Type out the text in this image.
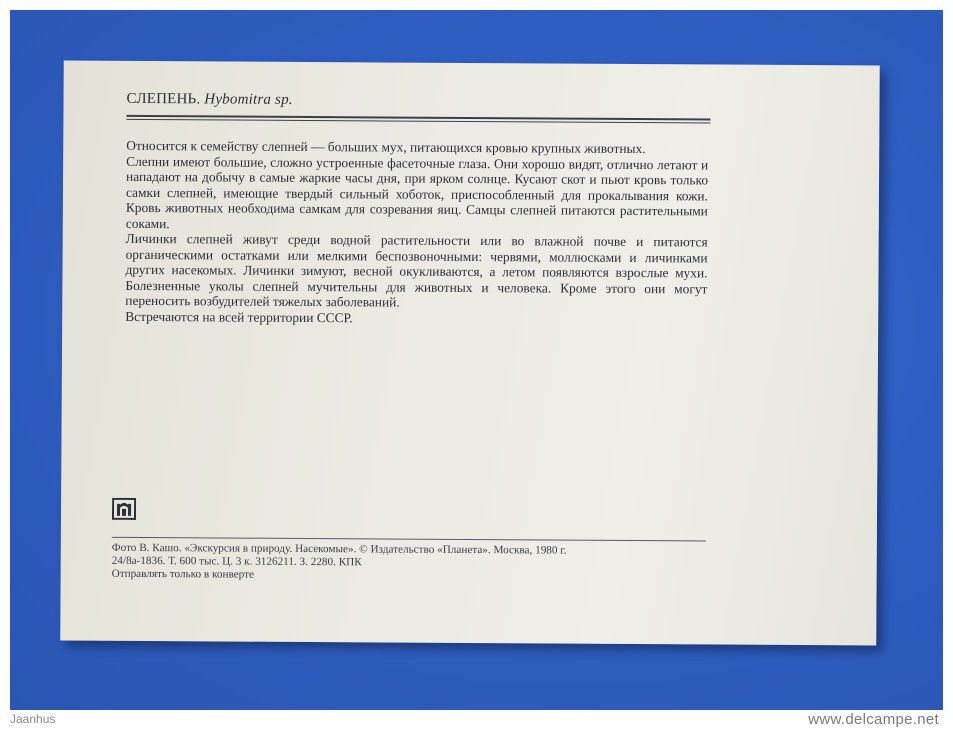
СЛЕПЕНЬ. Hybomitra sp.

Относится к семейству слепней — больших мух, питающихся кровью крупных животных.

Слепни имеют большие, сложно устроенные фасеточные глаза. Они хорошо видят, отлично летают и нападают на добычу в самые жаркие часы дня, при ярком солнце. Кусают скот и пьют кровь только самки слепней, имеющие твердый сильный хоботок, приспособленный для прокалывания кожи. Кровь животных необходима самкам для созревания яиц. Самцы слепней питаются растительными соками.

Личинки слепней живут среди водной растительности или во влажной почве и питаются органическими остатками или мелкими беспозвоночными: червями, моллюсками и личинками других насекомых. Личинки зимуют, весной окукливаются, а летом появляются взрослые мухи. Болезненные уколы слепней мучительны для животных и человека. Кроме этого они могут переносить возбудителей тяжелых заболеваний.

Встречаются на всей территории СССР.

Фото В. Кашо. «Экскурсия в природу. Насекомые». © Издательство «Планета». Москва, 1980 г.
24/8а-1836. Т. 600 тыс. Ц. 3 к. 3126211. З. 2280. КПК
Отправлять только в конверте
Jaanhus	www.delcampe.net
